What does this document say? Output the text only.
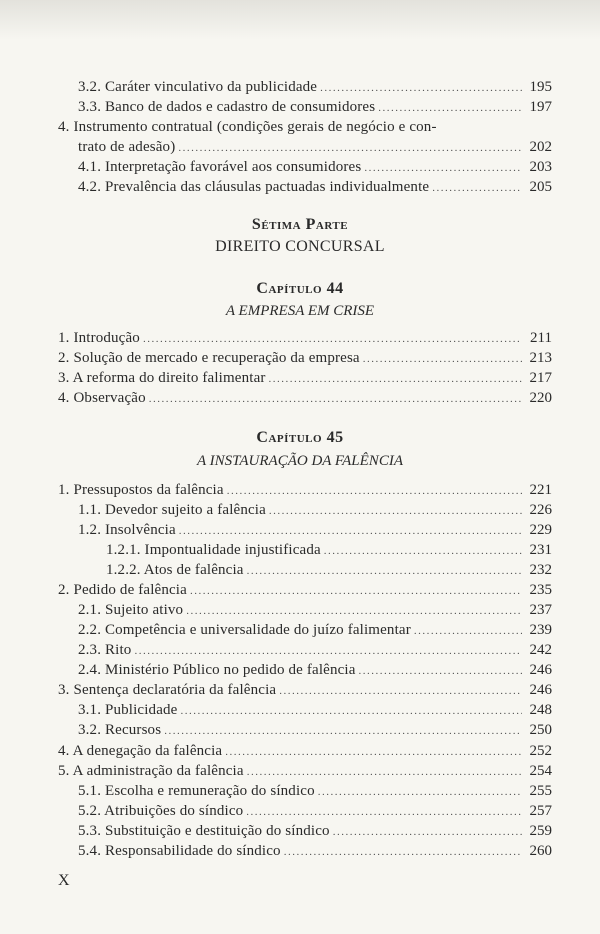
3.2. Caráter vinculativo da publicidade .....	195
3.3. Banco de dados e cadastro de consumidores .....	197
4. Instrumento contratual (condições gerais de negócio e con-
trato de adesão) .....	202
4.1. Interpretação favorável aos consumidores .....	203
4.2. Prevalência das cláusulas pactuadas individualmente .....	205
Sétima Parte
DIREITO CONCURSAL
Capítulo 44
A EMPRESA EM CRISE
1. Introdução .....	211
2. Solução de mercado e recuperação da empresa .....	213
3. A reforma do direito falimentar .....	217
4. Observação .....	220
Capítulo 45
A INSTAURAÇÃO DA FALÊNCIA
1. Pressupostos da falência .....	221
1.1. Devedor sujeito a falência .....	226
1.2. Insolvência .....	229
1.2.1. Impontualidade injustificada .....	231
1.2.2. Atos de falência .....	232
2. Pedido de falência .....	235
2.1. Sujeito ativo .....	237
2.2. Competência e universalidade do juízo falimentar .....	239
2.3. Rito .....	242
2.4. Ministério Público no pedido de falência .....	246
3. Sentença declaratória da falência .....	246
3.1. Publicidade .....	248
3.2. Recursos .....	250
4. A denegação da falência .....	252
5. A administração da falência .....	254
5.1. Escolha e remuneração do síndico .....	255
5.2. Atribuições do síndico .....	257
5.3. Substituição e destituição do síndico .....	259
5.4. Responsabilidade do síndico .....	260
X
